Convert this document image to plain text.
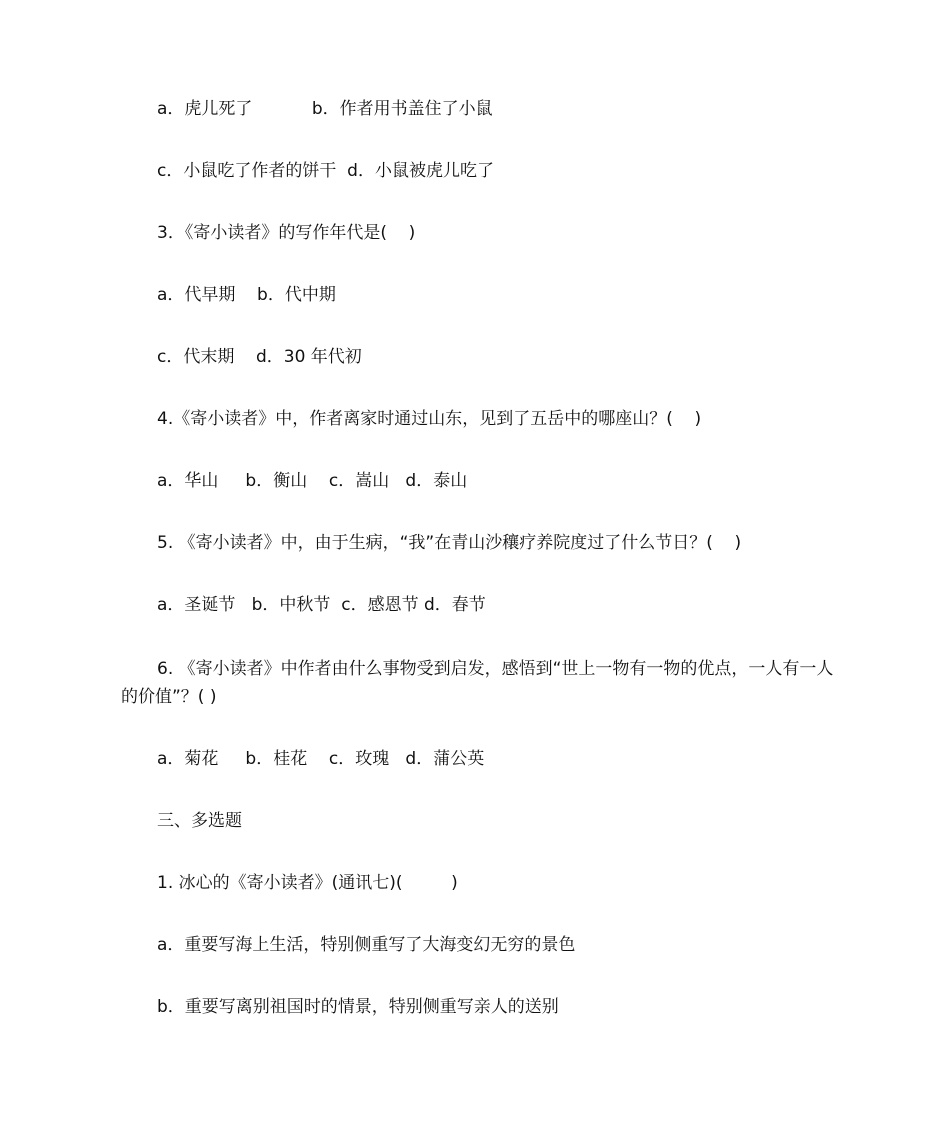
a．虎儿死了           b．作者用书盖住了小鼠
c．小鼠吃了作者的饼干  d．小鼠被虎儿吃了
3．《寄小读者》的写作年代是(    )
a．代早期    b．代中期
c．代末期    d．30 年代初
4.《寄小读者》中，作者离家时通过山东，见到了五岳中的哪座山？(    )
a．华山     b．衡山    c．嵩山   d．泰山
5. 《寄小读者》中，由于生病，“我”在青山沙穰疗养院度过了什么节日？(    )
a．圣诞节   b．中秋节  c．感恩节 d．春节
6. 《寄小读者》中作者由什么事物受到启发，感悟到“世上一物有一物的优点，一人有一人的价值”？( )
a．菊花     b．桂花    c．玫瑰   d．蒲公英
三、多选题
1. 冰心的《寄小读者》(通讯七)(         )
a．重要写海上生活，特别侧重写了大海变幻无穷的景色
b．重要写离别祖国时的情景，特别侧重写亲人的送别
